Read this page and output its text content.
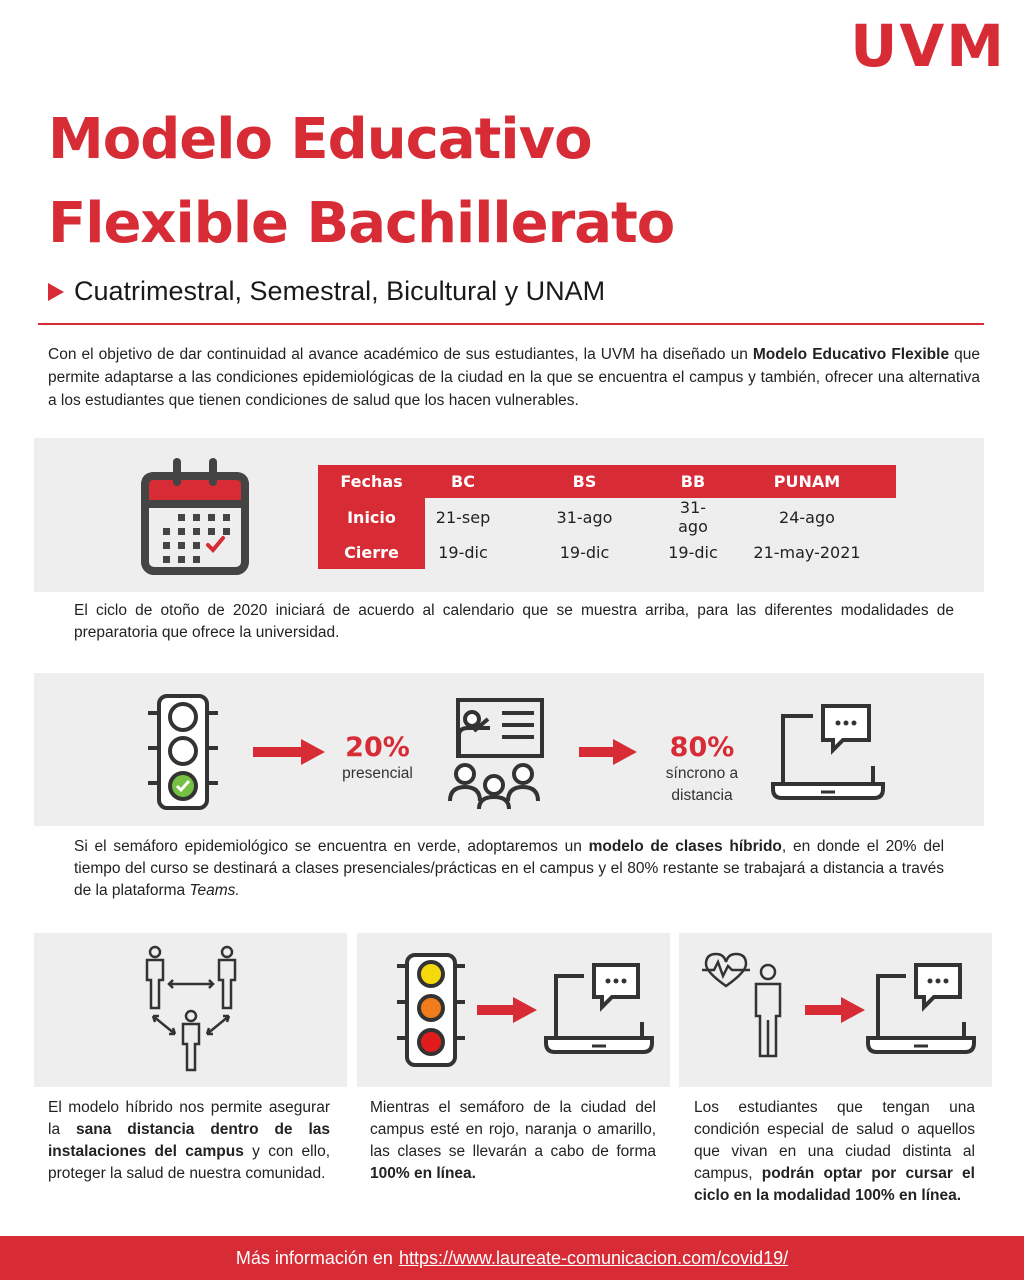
UVM
Modelo Educativo
Flexible Bachillerato
Cuatrimestral, Semestral, Bicultural y UNAM

Con el objetivo de dar continuidad al avance académico de sus estudiantes, la UVM ha diseñado un Modelo Educativo Flexible que permite adaptarse a las condiciones epidemiológicas de la ciudad en la que se encuentra el campus y también, ofrecer una alternativa a los estudiantes que tienen condiciones de salud que los hacen vulnerables.

Fechas	BC	BS	BB	PUNAM
Inicio	21-sep	31-ago	31-ago	24-ago
Cierre	19-dic	19-dic	19-dic	21-may-2021

El ciclo de otoño de 2020 iniciará de acuerdo al calendario que se muestra arriba, para las diferentes modalidades de preparatoria que ofrece la universidad.

20%
presencial
80%
síncrono a
distancia

Si el semáforo epidemiológico se encuentra en verde, adoptaremos un modelo de clases híbrido, en donde el 20% del tiempo del curso se destinará a clases presenciales/prácticas en el campus y el 80% restante se trabajará a distancia a través de la plataforma Teams.

El modelo híbrido nos permite asegurar la sana distancia dentro de las instalaciones del campus y con ello, proteger la salud de nuestra comunidad.

Mientras el semáforo de la ciudad del campus esté en rojo, naranja o amarillo, las clases se llevarán a cabo de forma 100% en línea.

Los estudiantes que tengan una condición especial de salud o aquellos que vivan en una ciudad distinta al campus, podrán optar por cursar el ciclo en la modalidad 100% en línea.

Más información en https://www.laureate-comunicacion.com/covid19/
